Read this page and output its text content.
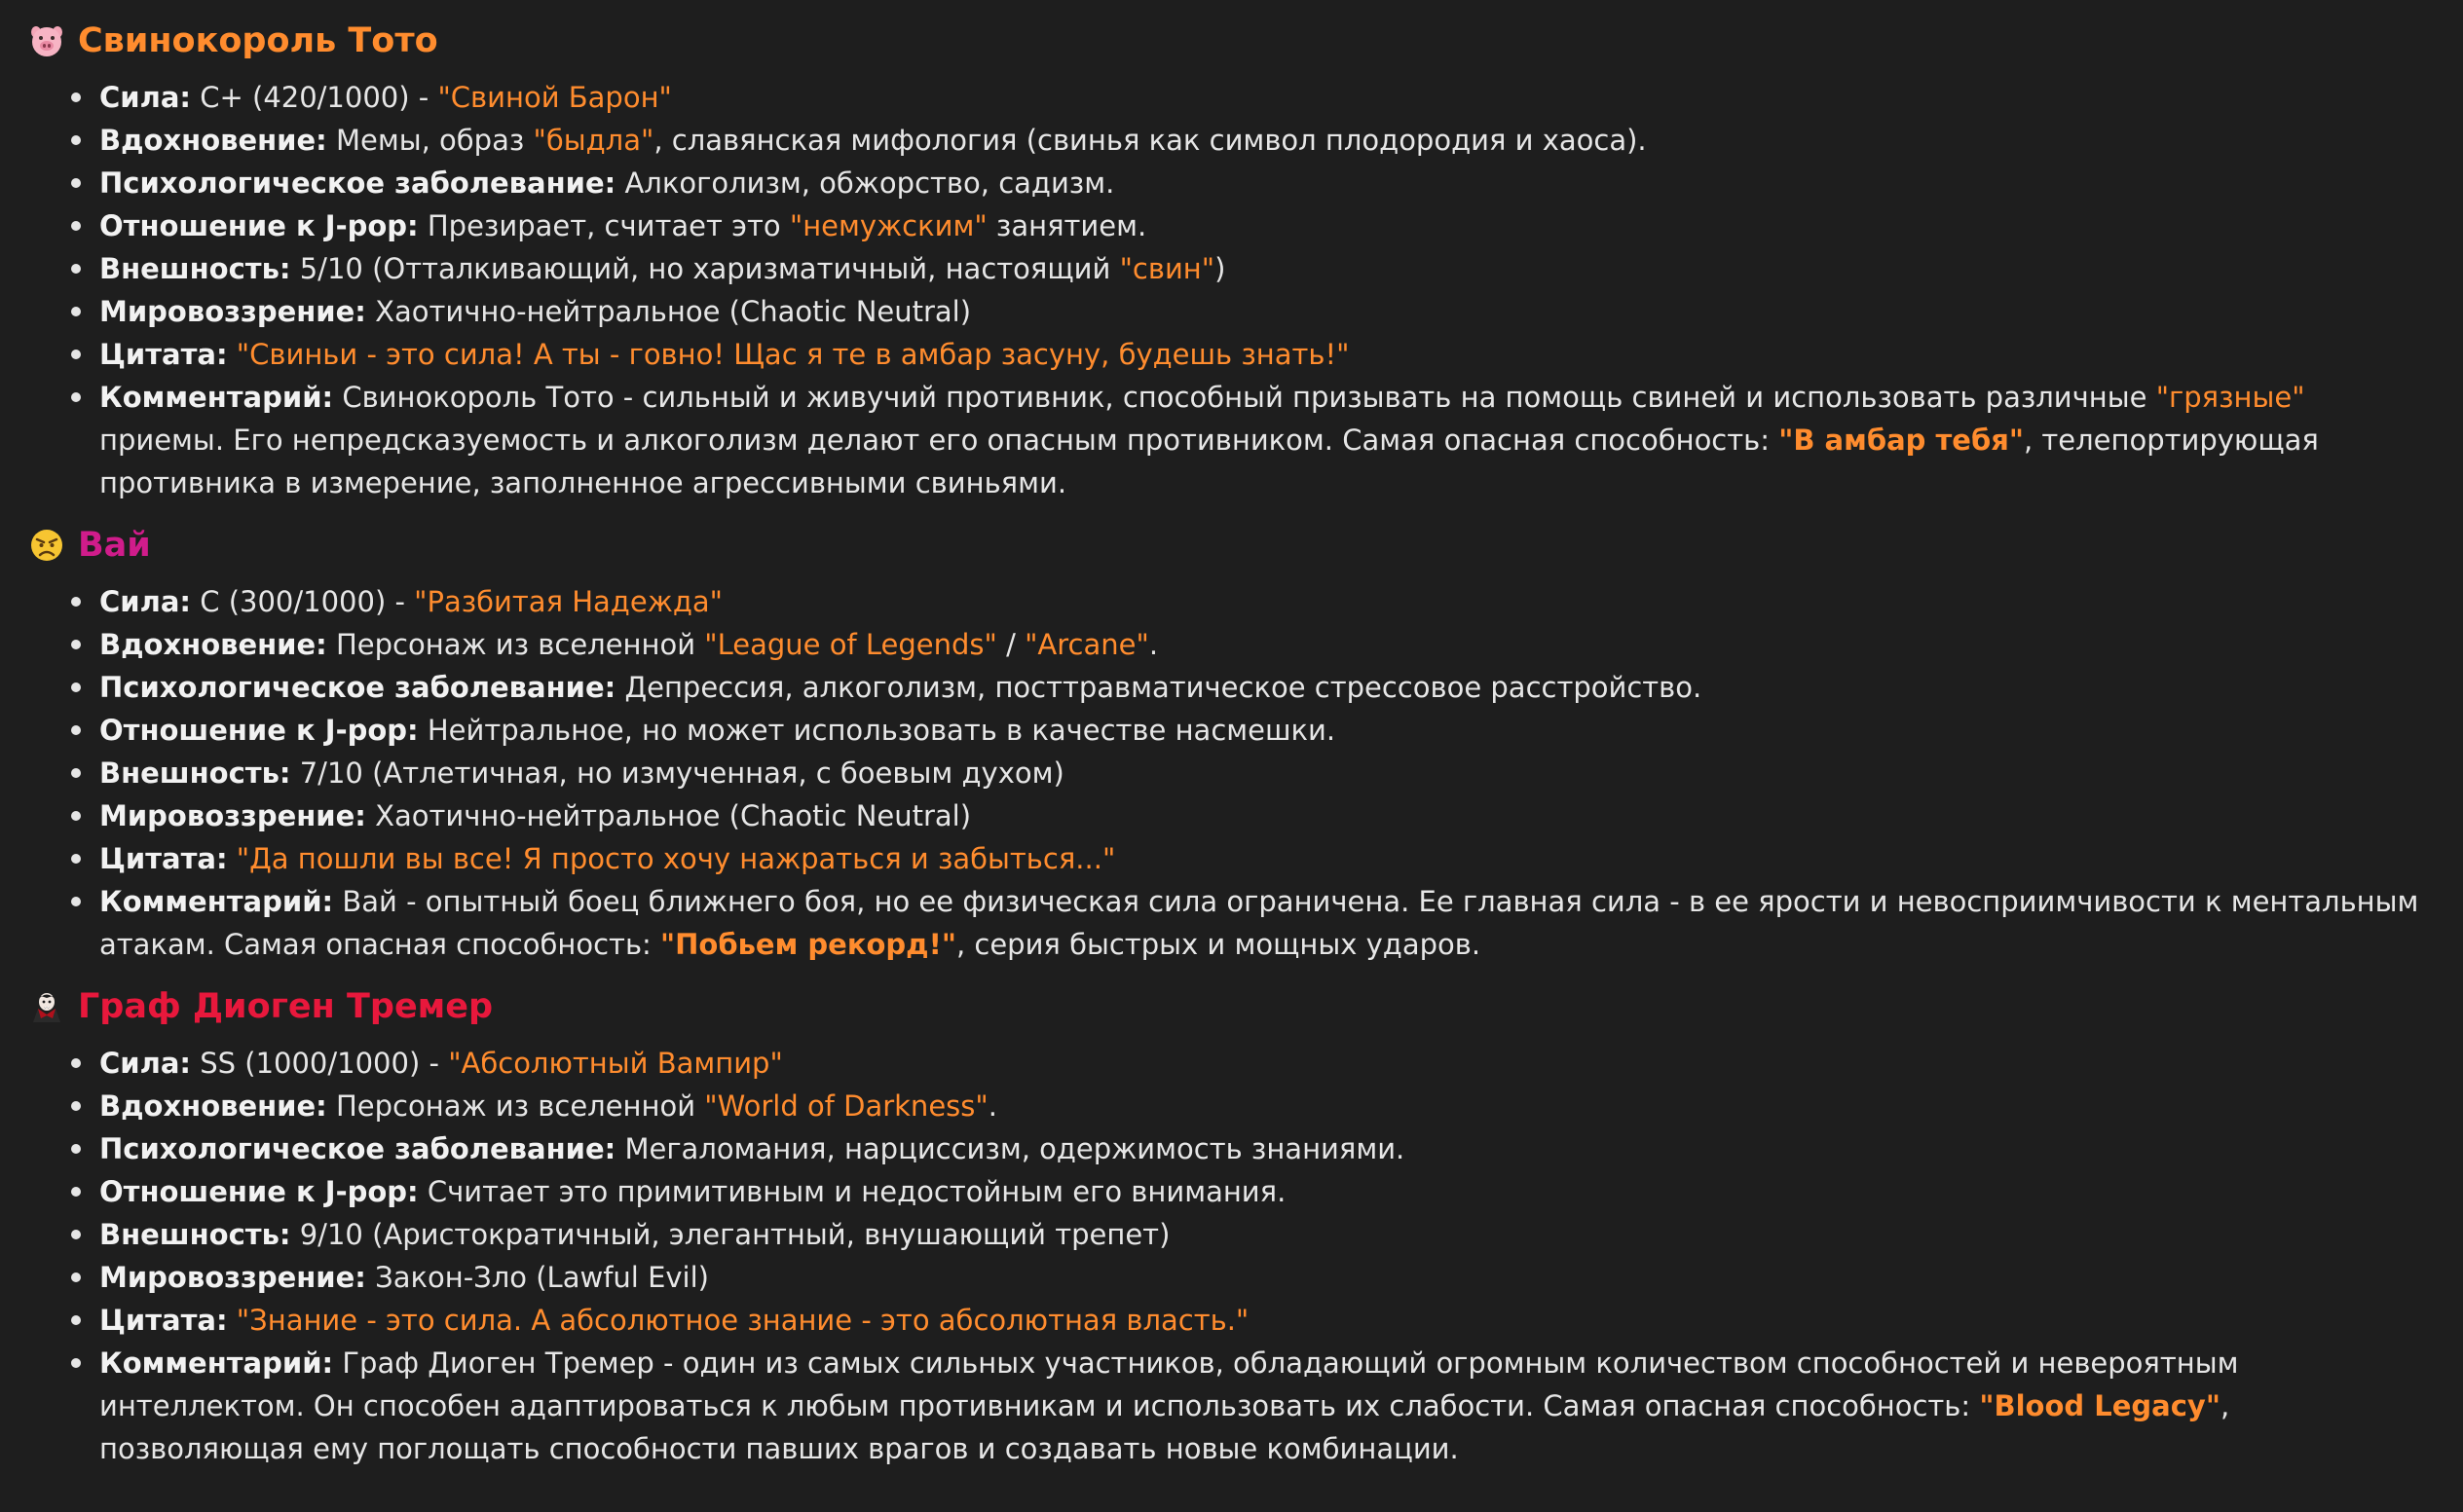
Свинокороль Тото
Сила: C+ (420/1000) - "Свиной Барон"
Вдохновение: Мемы, образ "быдла", славянская мифология (свинья как символ плодородия и хаоса).
Психологическое заболевание: Алкоголизм, обжорство, садизм.
Отношение к J-pop: Презирает, считает это "немужским" занятием.
Внешность: 5/10 (Отталкивающий, но харизматичный, настоящий "свин")
Мировоззрение: Хаотично-нейтральное (Chaotic Neutral)
Цитата: "Свиньи - это сила! А ты - говно! Щас я те в амбар засуну, будешь знать!"
Комментарий: Свинокороль Тото - сильный и живучий противник, способный призывать на помощь свиней и использовать различные "грязные" приемы. Его непредсказуемость и алкоголизм делают его опасным противником. Самая опасная способность: "В амбар тебя", телепортирующая противника в измерение, заполненное агрессивными свиньями.
Вай
Сила: C (300/1000) - "Разбитая Надежда"
Вдохновение: Персонаж из вселенной "League of Legends" / "Arcane".
Психологическое заболевание: Депрессия, алкоголизм, посттравматическое стрессовое расстройство.
Отношение к J-pop: Нейтральное, но может использовать в качестве насмешки.
Внешность: 7/10 (Атлетичная, но измученная, с боевым духом)
Мировоззрение: Хаотично-нейтральное (Chaotic Neutral)
Цитата: "Да пошли вы все! Я просто хочу нажраться и забыться..."
Комментарий: Вай - опытный боец ближнего боя, но ее физическая сила ограничена. Ее главная сила - в ее ярости и невосприимчивости к ментальным атакам. Самая опасная способность: "Побьем рекорд!", серия быстрых и мощных ударов.
Граф Диоген Тремер
Сила: SS (1000/1000) - "Абсолютный Вампир"
Вдохновение: Персонаж из вселенной "World of Darkness".
Психологическое заболевание: Мегаломания, нарциссизм, одержимость знаниями.
Отношение к J-pop: Считает это примитивным и недостойным его внимания.
Внешность: 9/10 (Аристократичный, элегантный, внушающий трепет)
Мировоззрение: Закон-Зло (Lawful Evil)
Цитата: "Знание - это сила. А абсолютное знание - это абсолютная власть."
Комментарий: Граф Диоген Тремер - один из самых сильных участников, обладающий огромным количеством способностей и невероятным интеллектом. Он способен адаптироваться к любым противникам и использовать их слабости. Самая опасная способность: "Blood Legacy", позволяющая ему поглощать способности павших врагов и создавать новые комбинации.
